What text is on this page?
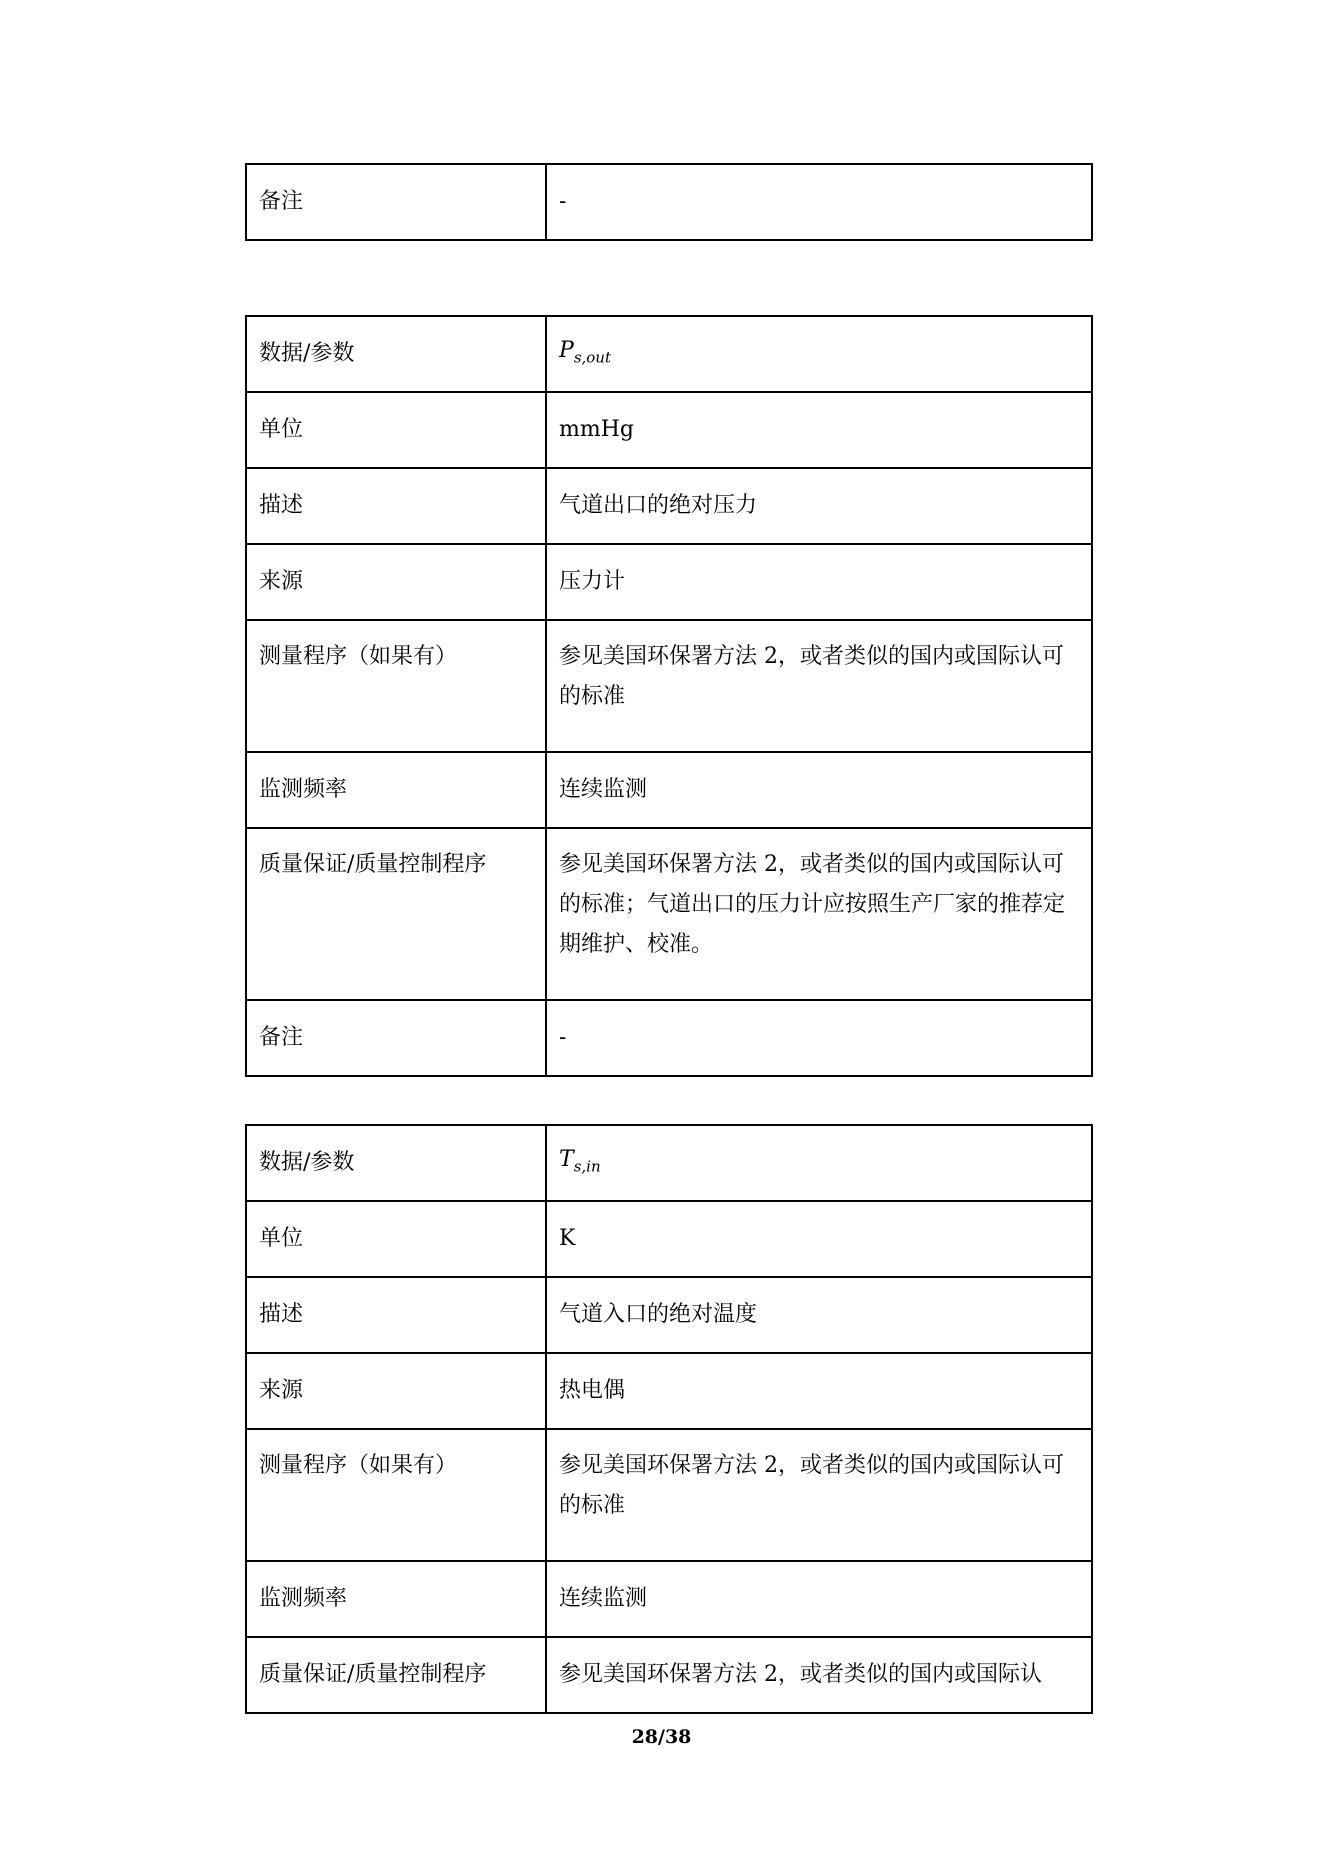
备注	-
数据/参数	$P_{s,out}$
单位	mmHg
描述	气道出口的绝对压力
来源	压力计
测量程序（如果有）	参见美国环保署方法 2，或者类似的国内或国际认可的标准
监测频率	连续监测
质量保证/质量控制程序	参见美国环保署方法 2，或者类似的国内或国际认可的标准；气道出口的压力计应按照生产厂家的推荐定期维护、校准。
备注	-
数据/参数	$T_{s,in}$
单位	K
描述	气道入口的绝对温度
来源	热电偶
测量程序（如果有）	参见美国环保署方法 2，或者类似的国内或国际认可的标准
监测频率	连续监测
质量保证/质量控制程序	参见美国环保署方法 2，或者类似的国内或国际认
28/38
